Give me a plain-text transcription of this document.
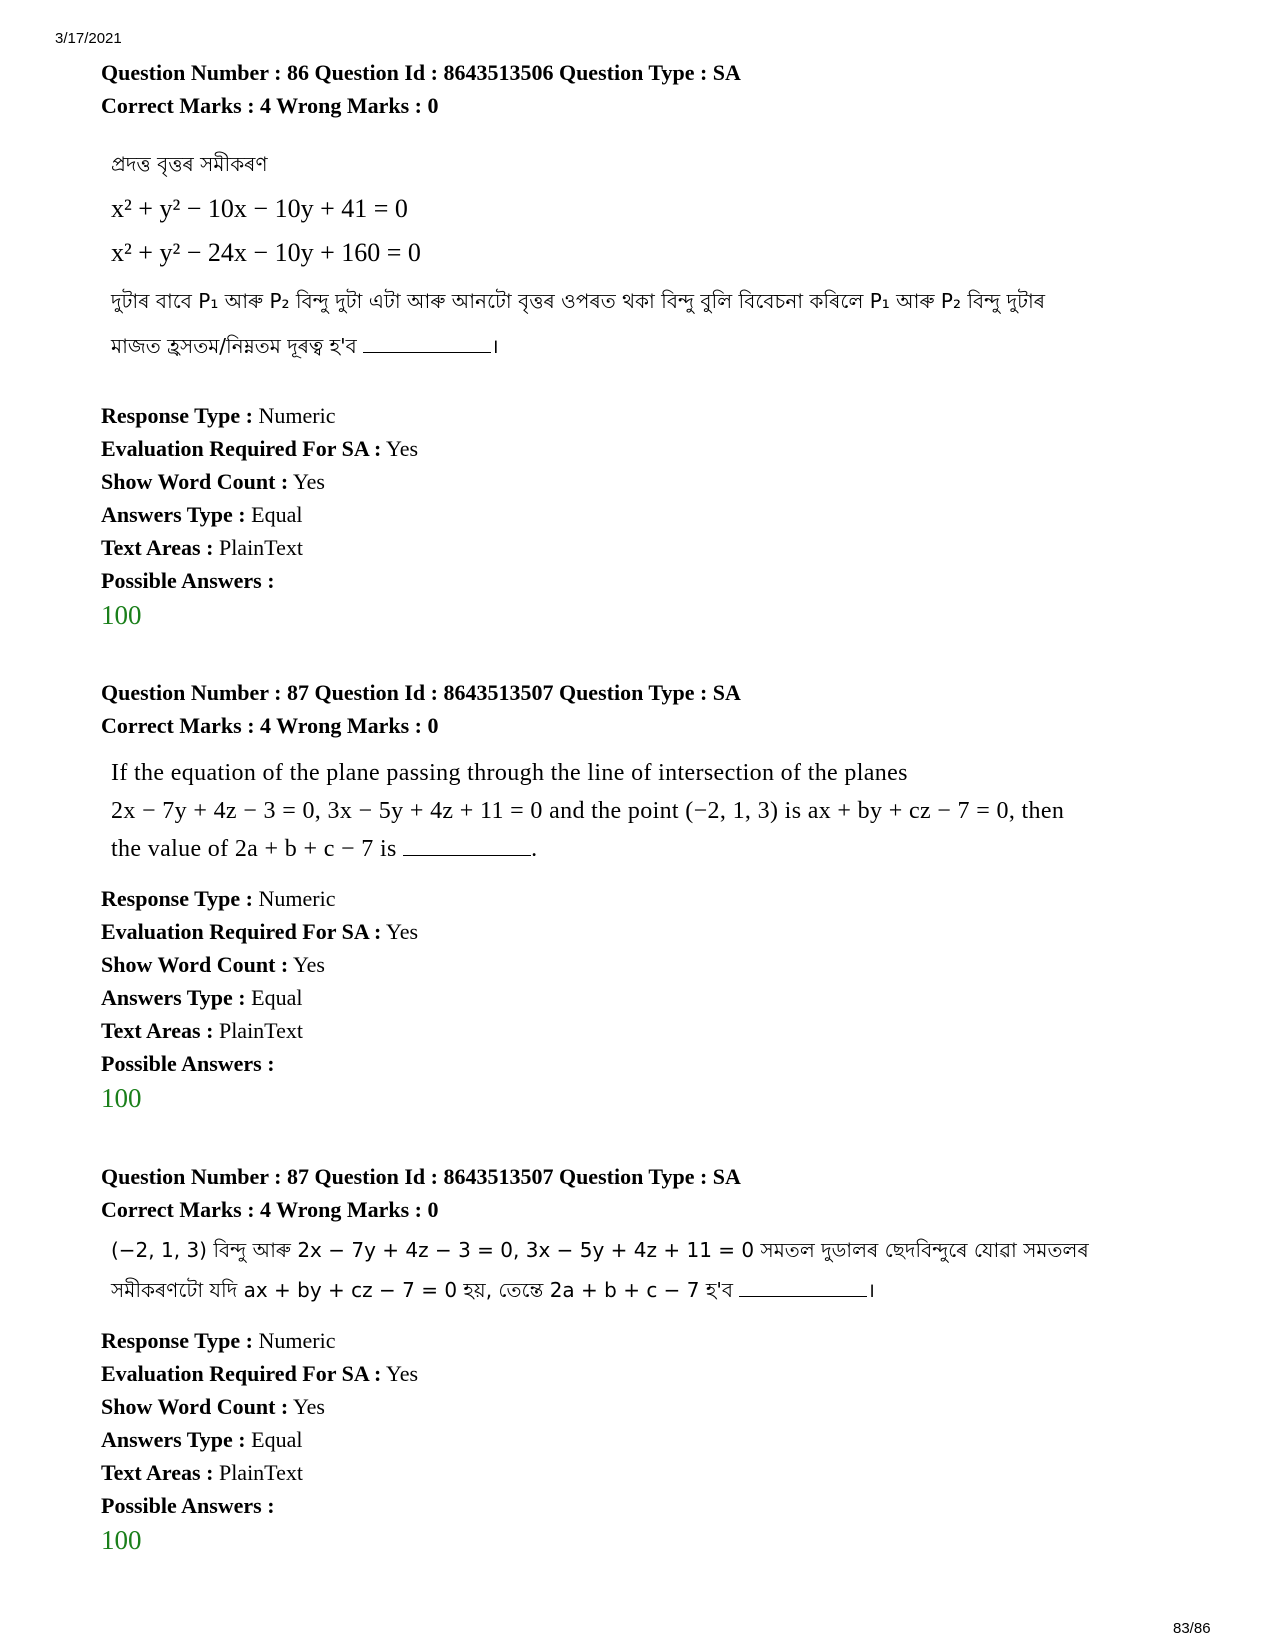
3/17/2021

Question Number : 86 Question Id : 8643513506 Question Type : SA

Correct Marks : 4 Wrong Marks : 0

প্ৰদত্ত বৃত্তৰ সমীকৰণ
x² + y² − 10x − 10y + 41 = 0
x² + y² − 24x − 10y + 160 = 0
দুটাৰ বাবে P₁ আৰু P₂ বিন্দু দুটা এটা আৰু আনটো বৃত্তৰ ওপৰত থকা বিন্দু বুলি বিবেচনা কৰিলে P₁ আৰু P₂ বিন্দু দুটাৰ
মাজত হ্ৰসতম/নিম্নতম দূৰত্ব হ'ব	।

Response Type : Numeric

Evaluation Required For SA : Yes

Show Word Count : Yes

Answers Type : Equal

Text Areas : PlainText

Possible Answers :

100

Question Number : 87 Question Id : 8643513507 Question Type : SA

Correct Marks : 4 Wrong Marks : 0

If the equation of the plane passing through the line of intersection of the planes
2x − 7y + 4z − 3 = 0, 3x − 5y + 4z + 11 = 0 and the point (−2, 1, 3) is ax + by + cz − 7 = 0, then
the value of 2a + b + c − 7 is	.

Response Type : Numeric

Evaluation Required For SA : Yes

Show Word Count : Yes

Answers Type : Equal

Text Areas : PlainText

Possible Answers :

100

Question Number : 87 Question Id : 8643513507 Question Type : SA

Correct Marks : 4 Wrong Marks : 0

(−2, 1, 3) বিন্দু আৰু 2x − 7y + 4z − 3 = 0, 3x − 5y + 4z + 11 = 0 সমতল দুডালৰ ছেদবিন্দুৰে যোৱা সমতলৰ
সমীকৰণটো যদি ax + by + cz − 7 = 0 হয়, তেন্তে 2a + b + c − 7 হ'ব	।

Response Type : Numeric

Evaluation Required For SA : Yes

Show Word Count : Yes

Answers Type : Equal

Text Areas : PlainText

Possible Answers :

100

83/86
